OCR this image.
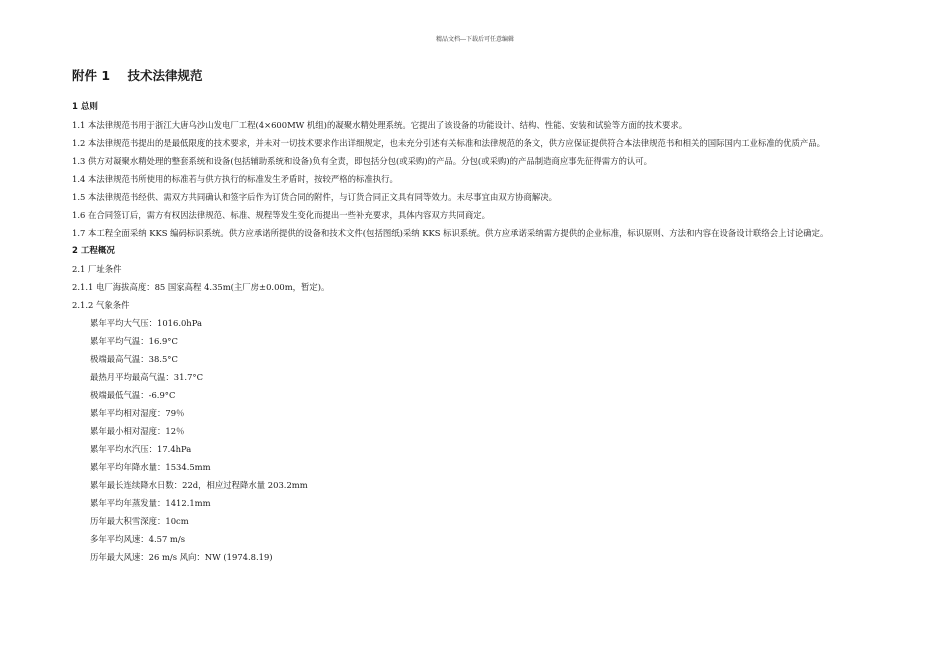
精品文档---下载后可任意编辑
附件 1    技术法律规范
1 总则
1.1 本法律规范书用于浙江大唐乌沙山发电厂工程(4×600MW 机组)的凝聚水精处理系统。它提出了该设备的功能设计、结构、性能、安装和试验等方面的技术要求。
1.2 本法律规范书提出的是最低限度的技术要求，并未对一切技术要求作出详细规定，也未充分引述有关标准和法律规范的条文，供方应保证提供符合本法律规范书和相关的国际国内工业标准的优质产品。
1.3 供方对凝聚水精处理的整套系统和设备(包括辅助系统和设备)负有全责，即包括分包(或采购)的产品。分包(或采购)的产品制造商应事先征得需方的认可。
1.4 本法律规范书所使用的标准若与供方执行的标准发生矛盾时，按较严格的标准执行。
1.5 本法律规范书经供、需双方共同确认和签字后作为订货合同的附件，与订货合同正文具有同等效力。未尽事宜由双方协商解决。
1.6 在合同签订后，需方有权因法律规范、标准、规程等发生变化而提出一些补充要求，具体内容双方共同商定。
1.7 本工程全面采纳 KKS 编码标识系统。供方应承诺所提供的设备和技术文件(包括图纸)采纳 KKS 标识系统。供方应承诺采纳需方提供的企业标准，标识原则、方法和内容在设备设计联络会上讨论确定。
2 工程概况
2.1 厂址条件
2.1.1 电厂海拔高度：85 国家高程 4.35m(主厂房±0.00m，暂定)。
2.1.2 气象条件
累年平均大气压：1016.0hPa
累年平均气温：16.9°C
极端最高气温：38.5°C
最热月平均最高气温：31.7°C
极端最低气温：-6.9°C
累年平均相对湿度：79％
累年最小相对湿度：12％
累年平均水汽压：17.4hPa
累年平均年降水量：1534.5mm
累年最长连续降水日数：22d，相应过程降水量 203.2mm
累年平均年蒸发量：1412.1mm
历年最大积雪深度：10cm
多年平均风速：4.57 m/s
历年最大风速：26 m/s 风向：NW (1974.8.19)
